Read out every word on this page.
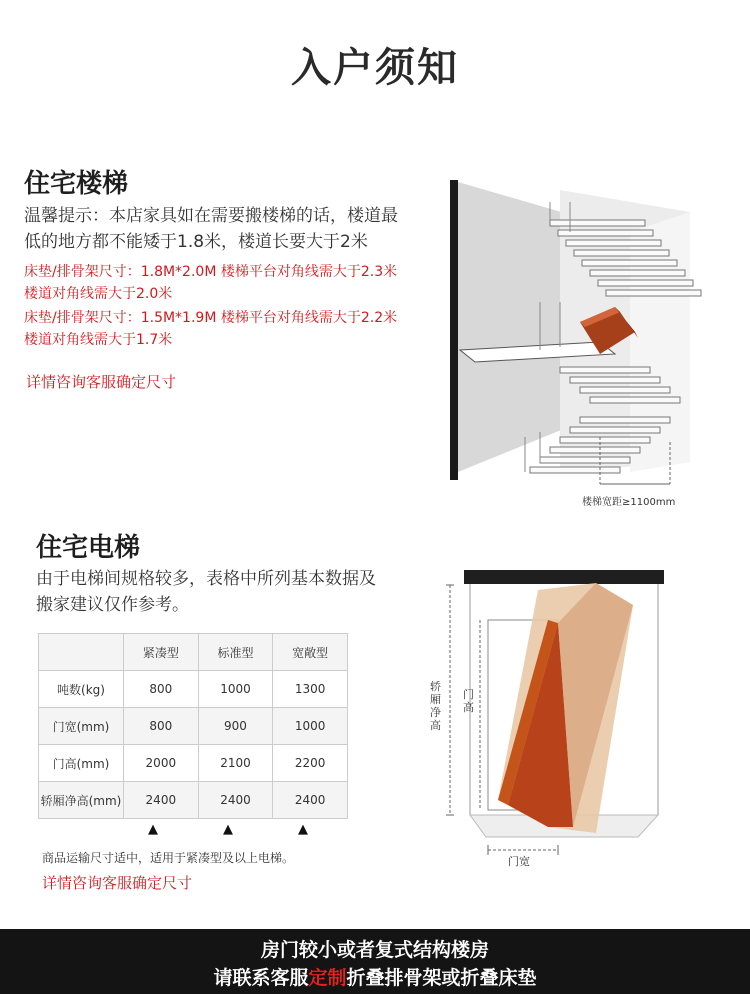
入户须知
住宅楼梯
温馨提示：本店家具如在需要搬楼梯的话，楼道最低的地方都不能矮于1.8米，楼道长要大于2米
床垫/排骨架尺寸：1.8M*2.0M 楼梯平台对角线需大于2.3米
楼道对角线需大于2.0米
床垫/排骨架尺寸：1.5M*1.9M 楼梯平台对角线需大于2.2米
楼道对角线需大于1.7米
详情咨询客服确定尺寸
楼梯宽距≥1100mm
住宅电梯
由于电梯间规格较多，表格中所列基本数据及搬家建议仅作参考。
	紧凑型	标准型	宽敞型
吨数(kg)	800	1000	1300
门宽(mm)	800	900	1000
门高(mm)	2000	2100	2200
轿厢净高(mm)	2400	2400	2400
▲	▲	▲
商品运输尺寸适中，适用于紧凑型及以上电梯。
详情咨询客服确定尺寸
轿厢净高
门高
门宽
房门较小或者复式结构楼房
请联系客服定制折叠排骨架或折叠床垫
